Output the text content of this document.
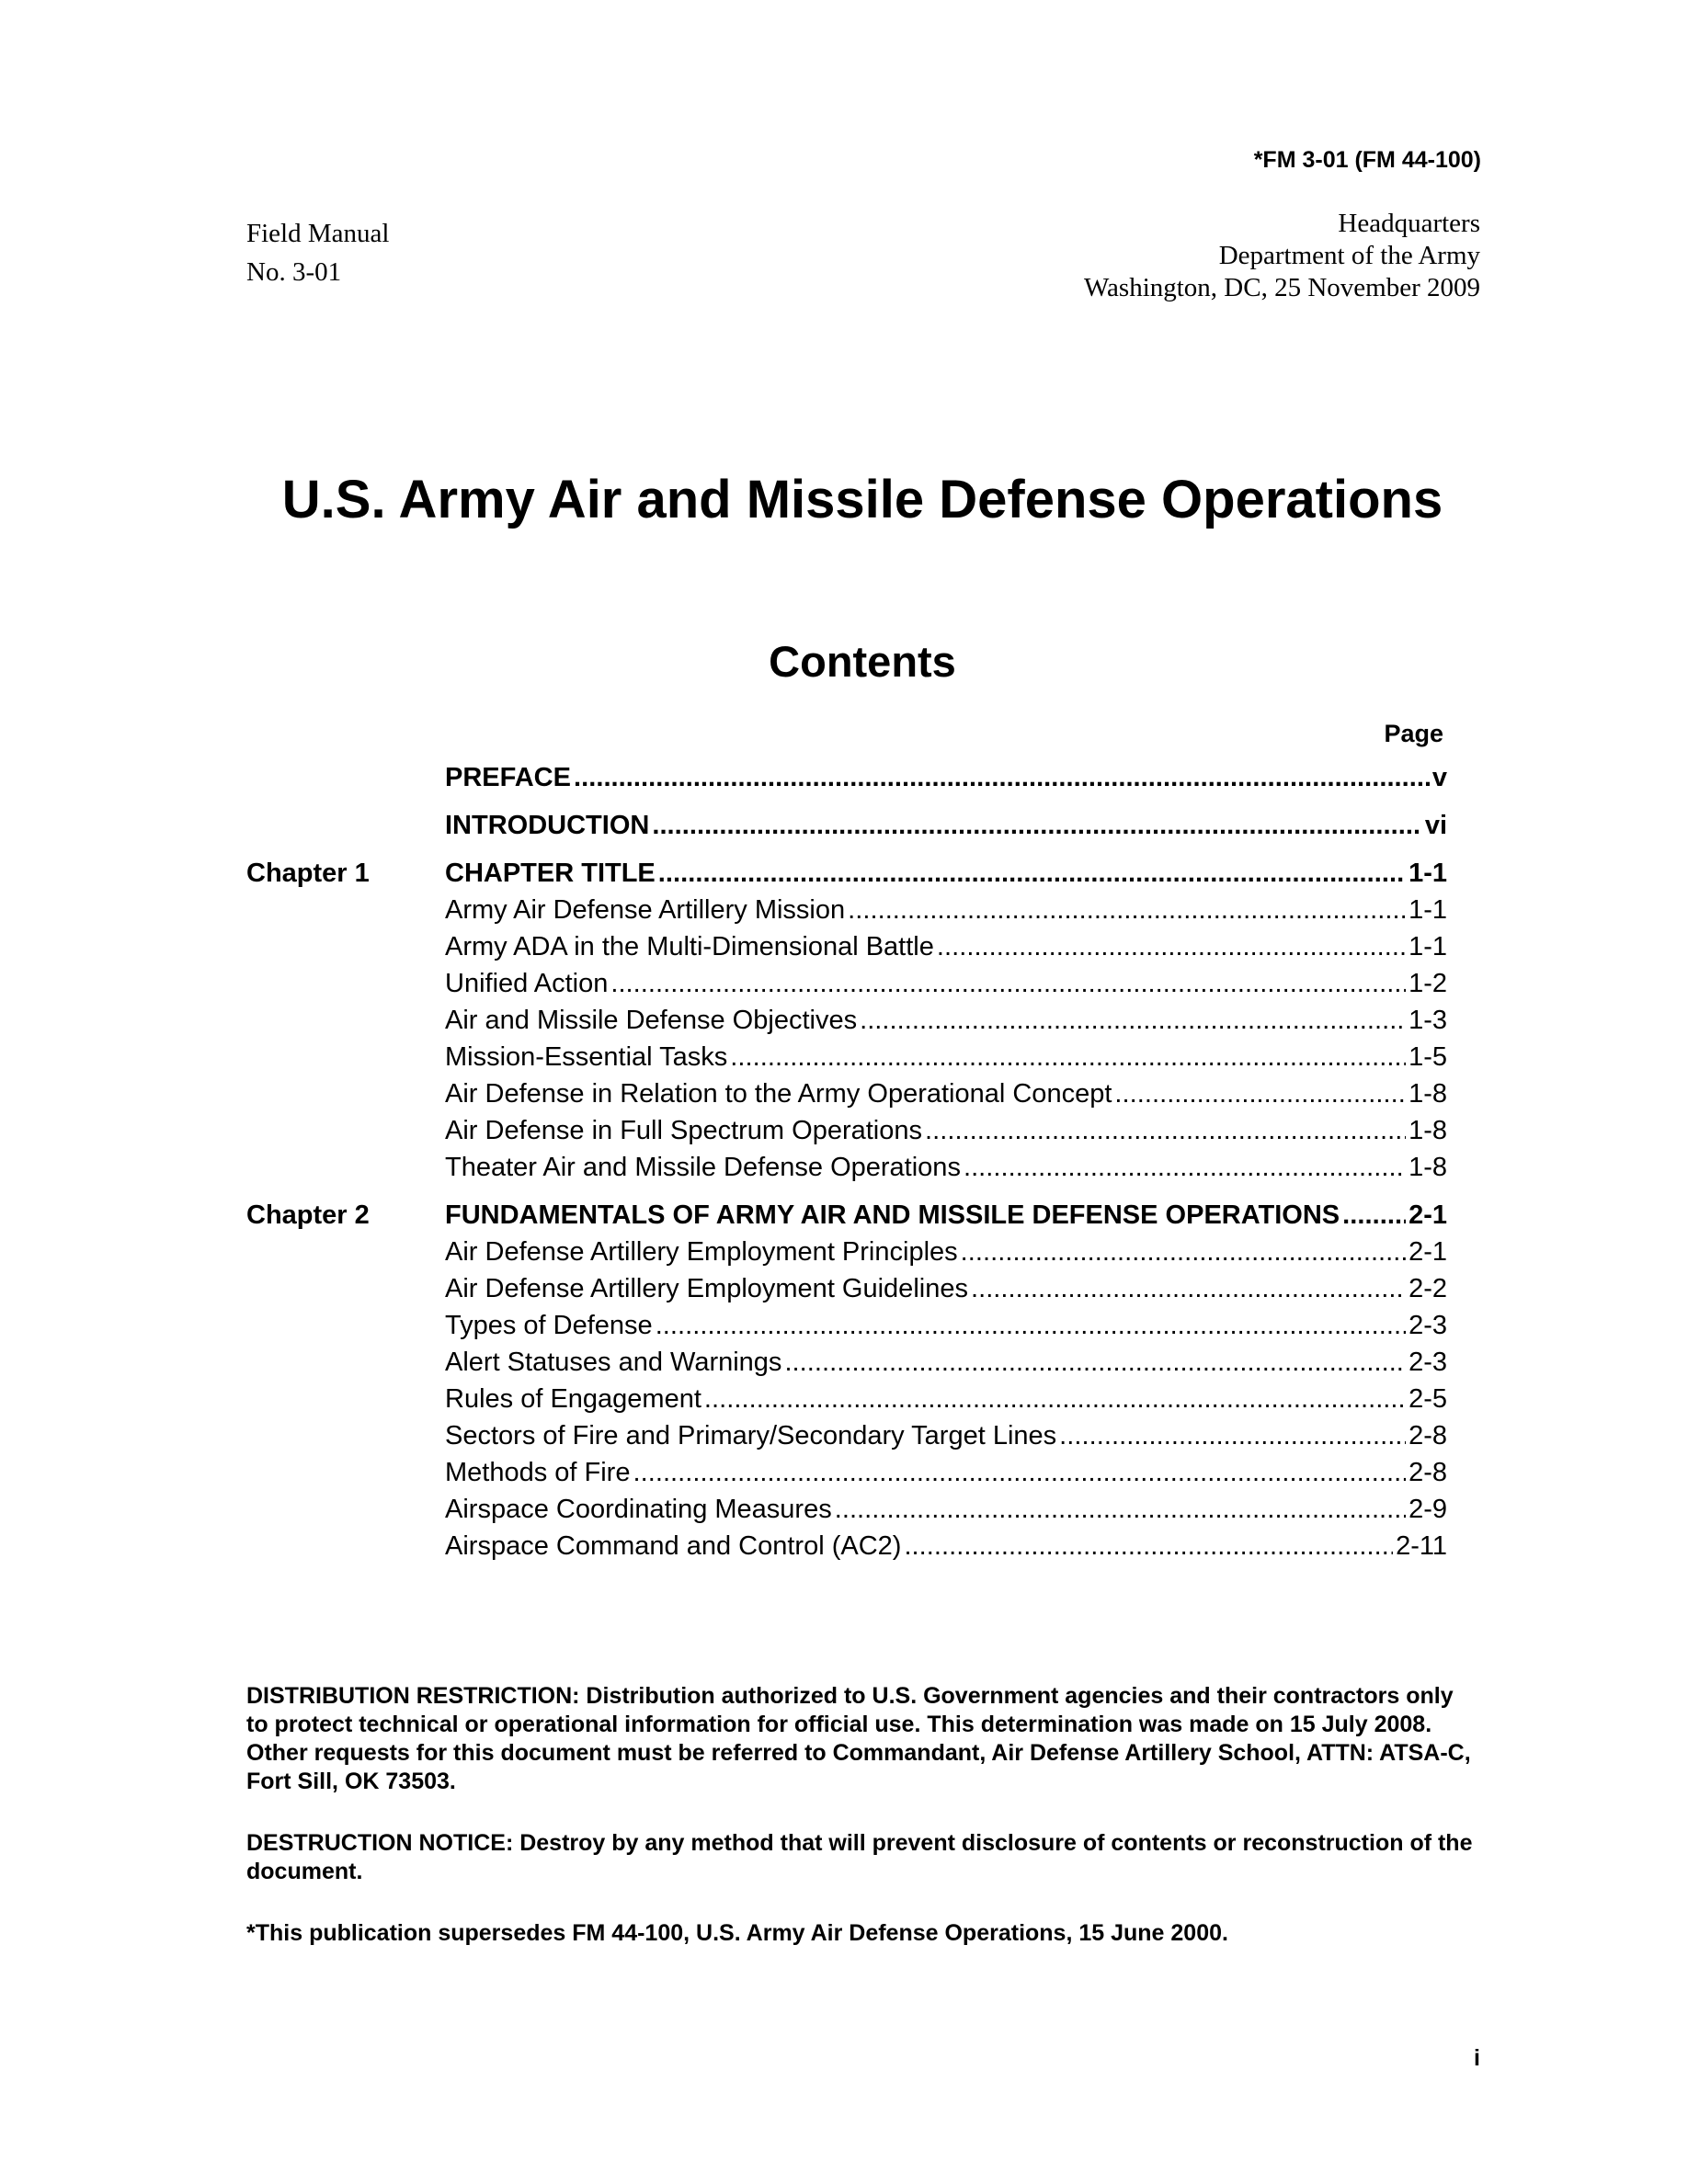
*FM 3-01 (FM 44-100)
Field Manual
No. 3-01
Headquarters
Department of the Army
Washington, DC, 25 November 2009
U.S. Army Air and Missile Defense Operations
Contents
Page
PREFACE . . .	v
INTRODUCTION . . .	vi
Chapter 1	CHAPTER TITLE . . .	1-1
Army Air Defense Artillery Mission . . .	1-1
Army ADA in the Multi-Dimensional Battle . . .	1-1
Unified Action . . .	1-2
Air and Missile Defense Objectives . . .	1-3
Mission-Essential Tasks . . .	1-5
Air Defense in Relation to the Army Operational Concept . . .	1-8
Air Defense in Full Spectrum Operations . . .	1-8
Theater Air and Missile Defense Operations . . .	1-8
Chapter 2	FUNDAMENTALS OF ARMY AIR AND MISSILE DEFENSE OPERATIONS . . .	2-1
Air Defense Artillery Employment Principles . . .	2-1
Air Defense Artillery Employment Guidelines . . .	2-2
Types of Defense . . .	2-3
Alert Statuses and Warnings . . .	2-3
Rules of Engagement . . .	2-5
Sectors of Fire and Primary/Secondary Target Lines . . .	2-8
Methods of Fire . . .	2-8
Airspace Coordinating Measures . . .	2-9
Airspace Command and Control (AC2) . . .	2-11

DISTRIBUTION RESTRICTION: Distribution authorized to U.S. Government agencies and their contractors only to protect technical or operational information for official use. This determination was made on 15 July 2008. Other requests for this document must be referred to Commandant, Air Defense Artillery School, ATTN: ATSA-C, Fort Sill, OK 73503.

DESTRUCTION NOTICE: Destroy by any method that will prevent disclosure of contents or reconstruction of the document.

*This publication supersedes FM 44-100, U.S. Army Air Defense Operations, 15 June 2000.

i
